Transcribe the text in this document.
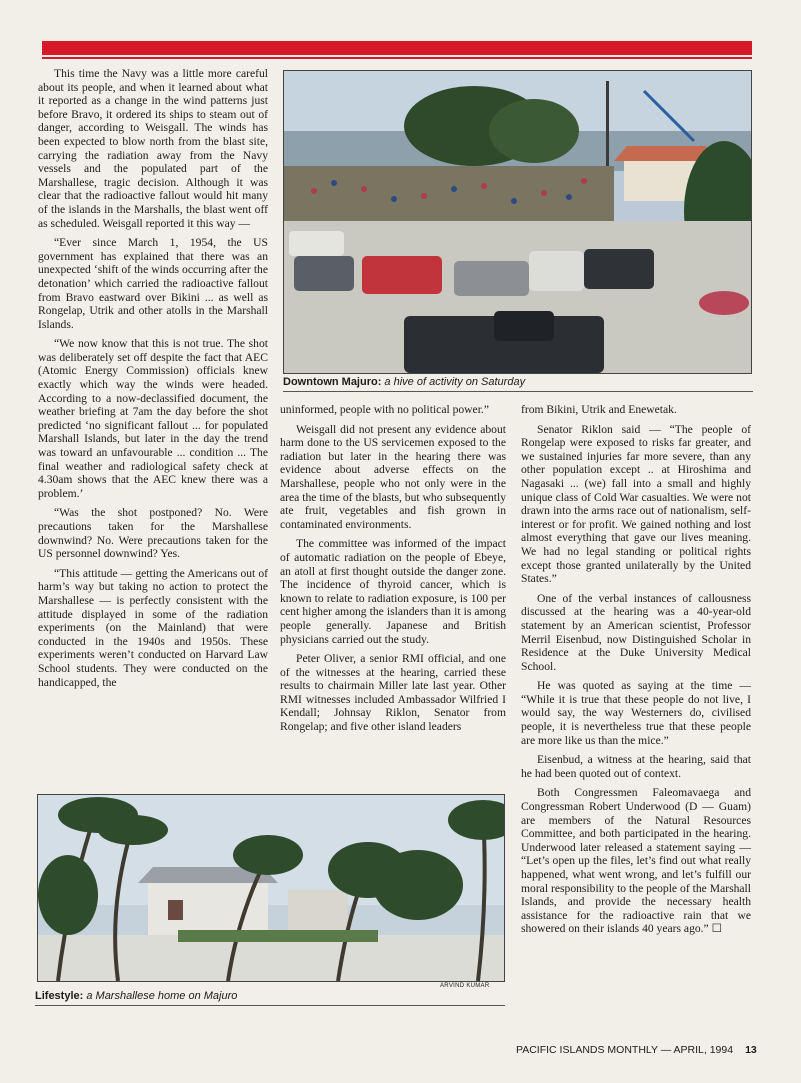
This time the Navy was a little more careful about its people, and when it learned about what it reported as a change in the wind patterns just before Bravo, it ordered its ships to steam out of danger, according to Weisgall. The winds has been expected to blow north from the blast site, carrying the radiation away from the Navy vessels and the populated part of the Marshallese, tragic decision. Although it was clear that the radioactive fallout would hit many of the islands in the Marshalls, the blast went off as scheduled. Weisgall reported it this way —

“Ever since March 1, 1954, the US government has explained that there was an unexpected ‘shift of the winds occurring after the detonation’ which carried the radioactive fallout from Bravo eastward over Bikini ... as well as Rongelap, Utrik and other atolls in the Marshall Islands.

“We now know that this is not true. The shot was deliberately set off despite the fact that AEC (Atomic Energy Commission) officials knew exactly which way the winds were headed. According to a now-declassified document, the weather briefing at 7am the day before the shot predicted ‘no significant fallout ... for populated Marshall Islands, but later in the day the trend was toward an unfavourable ... condition ... The final weather and radiological safety check at 4.30am shows that the AEC knew there was a problem.’

“Was the shot postponed? No. Were precautions taken for the Marshallese downwind? No. Were precautions taken for the US personnel downwind? Yes.

“This attitude — getting the Americans out of harm’s way but taking no action to protect the Marshallese — is perfectly consistent with the attitude displayed in some of the radiation experiments (on the Mainland) that were conducted in the 1940s and 1950s. These experiments weren’t conducted on Harvard Law School students. They were conducted on the handicapped, the

Downtown Majuro: a hive of activity on Saturday

uninformed, people with no political power.”

Weisgall did not present any evidence about harm done to the US servicemen exposed to the radiation but later in the hearing there was evidence about adverse effects on the Marshallese, people who not only were in the area the time of the blasts, but who subsequently ate fruit, vegetables and fish grown in contaminated environments.

The committee was informed of the impact of automatic radiation on the people of Ebeye, an atoll at first thought outside the danger zone. The incidence of thyroid cancer, which is known to relate to radiation exposure, is 100 per cent higher among the islanders than it is among people generally. Japanese and British physicians carried out the study.

Peter Oliver, a senior RMI official, and one of the witnesses at the hearing, carried these results to chairmain Miller late last year. Other RMI witnesses included Ambassador Wilfried I Kendall; Johnsay Riklon, Senator from Rongelap; and five other island leaders

from Bikini, Utrik and Enewetak.

Senator Riklon said — “The people of Rongelap were exposed to risks far greater, and we sustained injuries far more severe, than any other population except .. at Hiroshima and Nagasaki ... (we) fall into a small and highly unique class of Cold War casualties. We were not drawn into the arms race out of nationalism, self-interest or for profit. We gained nothing and lost almost everything that gave our lives meaning. We had no legal standing or political rights except those granted unilaterally by the United States.”

One of the verbal instances of callousness discussed at the hearing was a 40-year-old statement by an American scientist, Professor Merril Eisenbud, now Distinguished Scholar in Residence at the Duke University Medical School.

He was quoted as saying at the time — “While it is true that these people do not live, I would say, the way Westerners do, civilised people, it is nevertheless true that these people are more like us than the mice.”

Eisenbud, a witness at the hearing, said that he had been quoted out of context.

Both Congressmen Faleomavaega and Congressman Robert Underwood (D — Guam) are members of the Natural Resources Committee, and both participated in the hearing. Underwood later released a statement saying — “Let’s open up the files, let’s find out what really happened, what went wrong, and let’s fulfill our moral responsibility to the people of the Marshall Islands, and provide the necessary health assistance for the radioactive rain that we showered on their islands 40 years ago.” ☐

ARVIND KUMAR
Lifestyle: a Marshallese home on Majuro
PACIFIC ISLANDS MONTHLY — APRIL, 1994 13
